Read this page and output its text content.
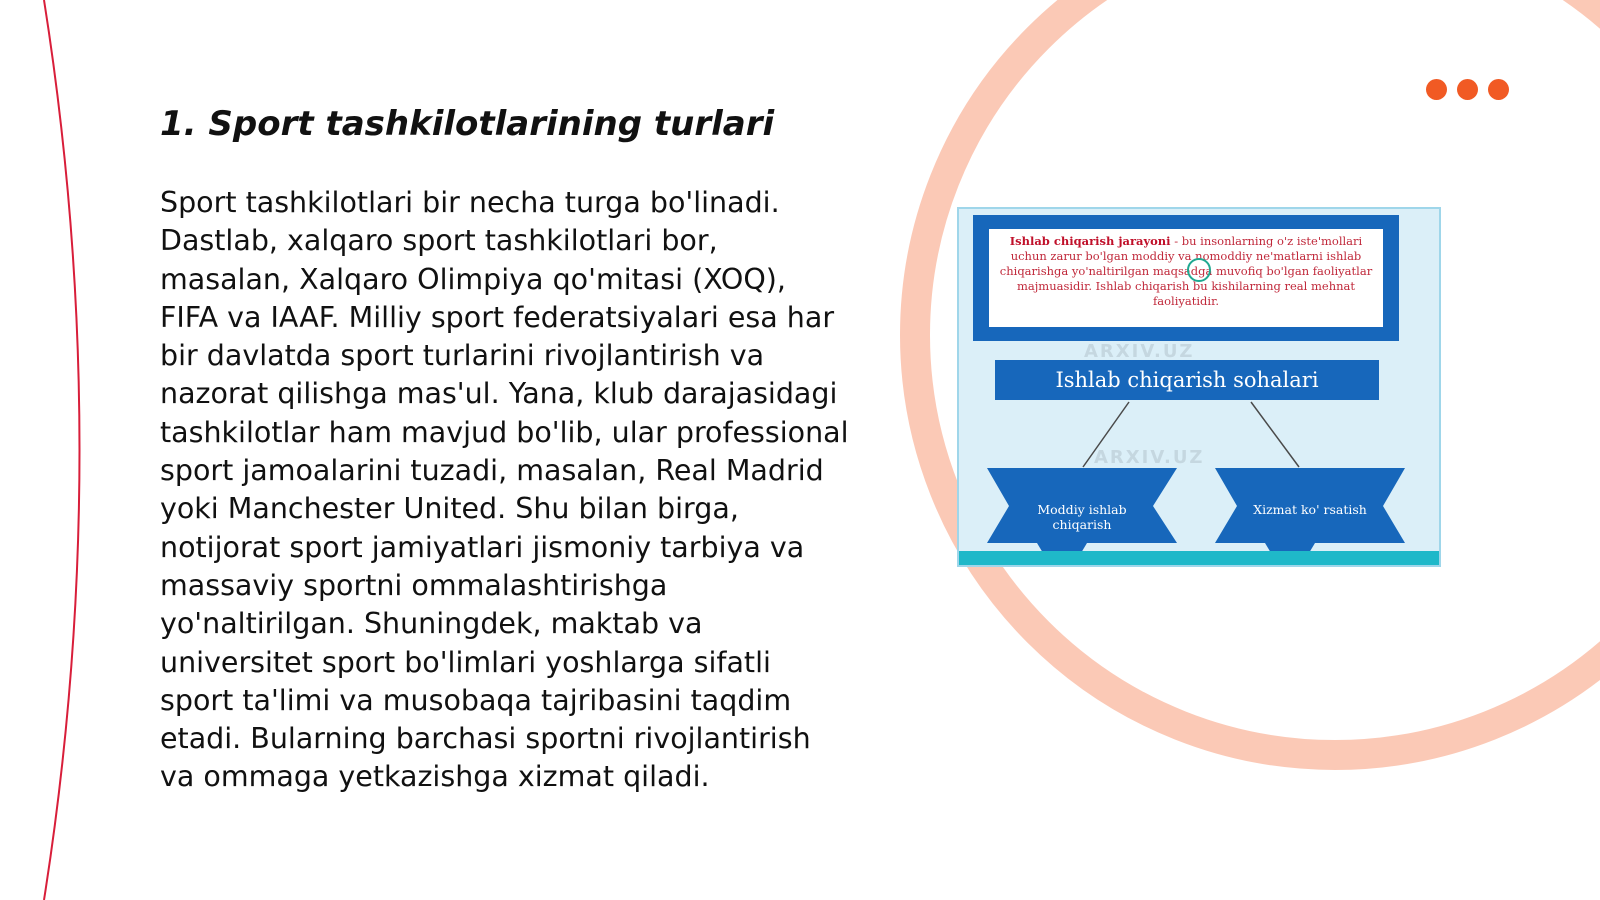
1. Sport tashkilotlarining turlari

Sport tashkilotlari bir necha turga bo'linadi. Dastlab, xalqaro sport tashkilotlari bor, masalan, Xalqaro Olimpiya qo'mitasi (XOQ), FIFA va IAAF. Milliy sport federatsiyalari esa har bir davlatda sport turlarini rivojlantirish va nazorat qilishga mas'ul. Yana, klub darajasidagi tashkilotlar ham mavjud bo'lib, ular professional sport jamoalarini tuzadi, masalan, Real Madrid yoki Manchester United. Shu bilan birga, notijorat sport jamiyatlari jismoniy tarbiya va massaviy sportni ommalashtirishga yo'naltirilgan. Shuningdek, maktab va universitet sport bo'limlari yoshlarga sifatli sport ta'limi va musobaqa tajribasini taqdim etadi. Bularning barchasi sportni rivojlantirish va ommaga yetkazishga xizmat qiladi.

Ishlab chiqarish jarayoni - bu insonlarning o'z iste'mollari uchun zarur bo'lgan moddiy va nomoddiy ne'matlarni ishlab chiqarishga yo'naltirilgan maqsadga muvofiq bo'lgan faoliyatlar majmuasidir. Ishlab chiqarish bu kishilarning real mehnat faoliyatidir.
Ishlab chiqarish sohalari
Moddiy ishlab chiqarish
Xizmat ko' rsatish
ARXIV.UZ
ARXIV.UZ
